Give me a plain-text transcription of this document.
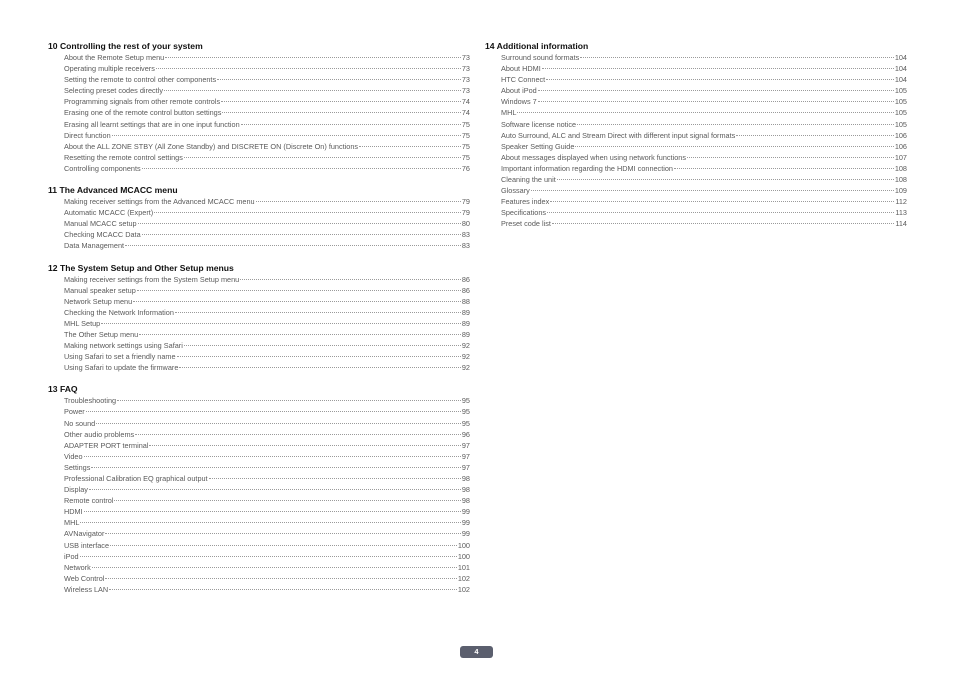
10 Controlling the rest of your system
About the Remote Setup menu	73
Operating multiple receivers	73
Setting the remote to control other components	73
Selecting preset codes directly	73
Programming signals from other remote controls	74
Erasing one of the remote control button settings	74
Erasing all learnt settings that are in one input function	75
Direct function	75
About the ALL ZONE STBY (All Zone Standby) and DISCRETE ON (Discrete On) functions	75
Resetting the remote control settings	75
Controlling components	76
11 The Advanced MCACC menu
Making receiver settings from the Advanced MCACC menu	79
Automatic MCACC (Expert)	79
Manual MCACC setup	80
Checking MCACC Data	83
Data Management	83
12 The System Setup and Other Setup menus
Making receiver settings from the System Setup menu	86
Manual speaker setup	86
Network Setup menu	88
Checking the Network Information	89
MHL Setup	89
The Other Setup menu	89
Making network settings using Safari	92
Using Safari to set a friendly name	92
Using Safari to update the firmware	92
13 FAQ
Troubleshooting	95
Power	95
No sound	95
Other audio problems	96
ADAPTER PORT terminal	97
Video	97
Settings	97
Professional Calibration EQ graphical output	98
Display	98
Remote control	98
HDMI	99
MHL	99
AVNavigator	99
USB interface	100
iPod	100
Network	101
Web Control	102
Wireless LAN	102
14 Additional information
Surround sound formats	104
About HDMI	104
HTC Connect	104
About iPod	105
Windows 7	105
MHL	105
Software license notice	105
Auto Surround, ALC and Stream Direct with different input signal formats	106
Speaker Setting Guide	106
About messages displayed when using network functions	107
Important information regarding the HDMI connection	108
Cleaning the unit	108
Glossary	109
Features index	112
Specifications	113
Preset code list	114
4
